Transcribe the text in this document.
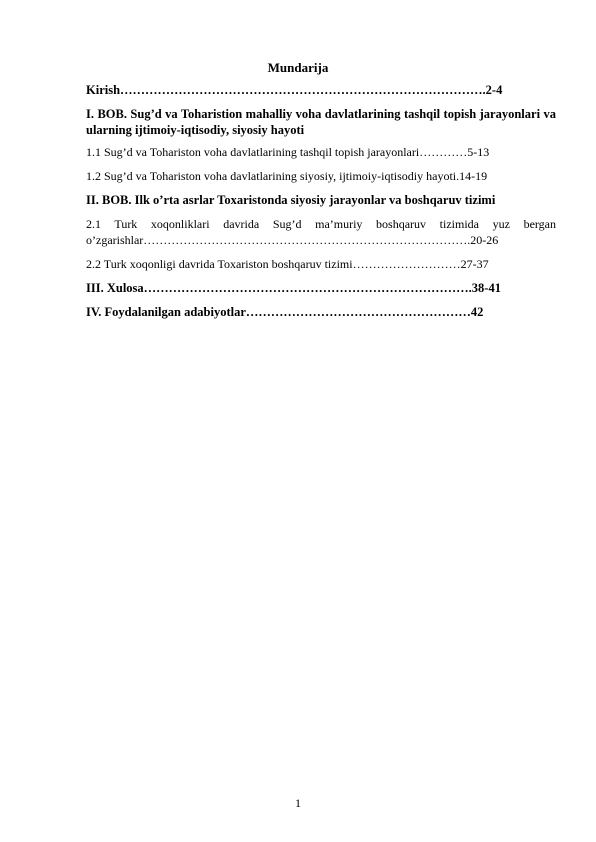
Mundarija
Kirish…………………………………………………………………………….2-4
I. BOB. Sug’d va Toharistion mahalliy voha davlatlarining tashqil topish jarayonlari va ularning ijtimoiy-iqtisodiy, siyosiy hayoti
1.1 Sug’d va Tohariston voha davlatlarining tashqil topish jarayonlari…………5-13
1.2 Sug’d va Tohariston voha davlatlarining siyosiy, ijtimoiy-iqtisodiy hayoti.14-19
II. BOB. Ilk o’rta asrlar Toxaristonda siyosiy jarayonlar va boshqaruv tizimi
2.1 Turk xoqonliklari davrida Sug’d ma’muriy boshqaruv tizimida yuz bergan o’zgarishlar……………………………………………………………………….20-26
2.2 Turk xoqonligi davrida Toxariston boshqaruv tizimi………………………27-37
III. Xulosa…………………………………………………………………….38-41
IV. Foydalanilgan adabiyotlar………………………………………………42
1
